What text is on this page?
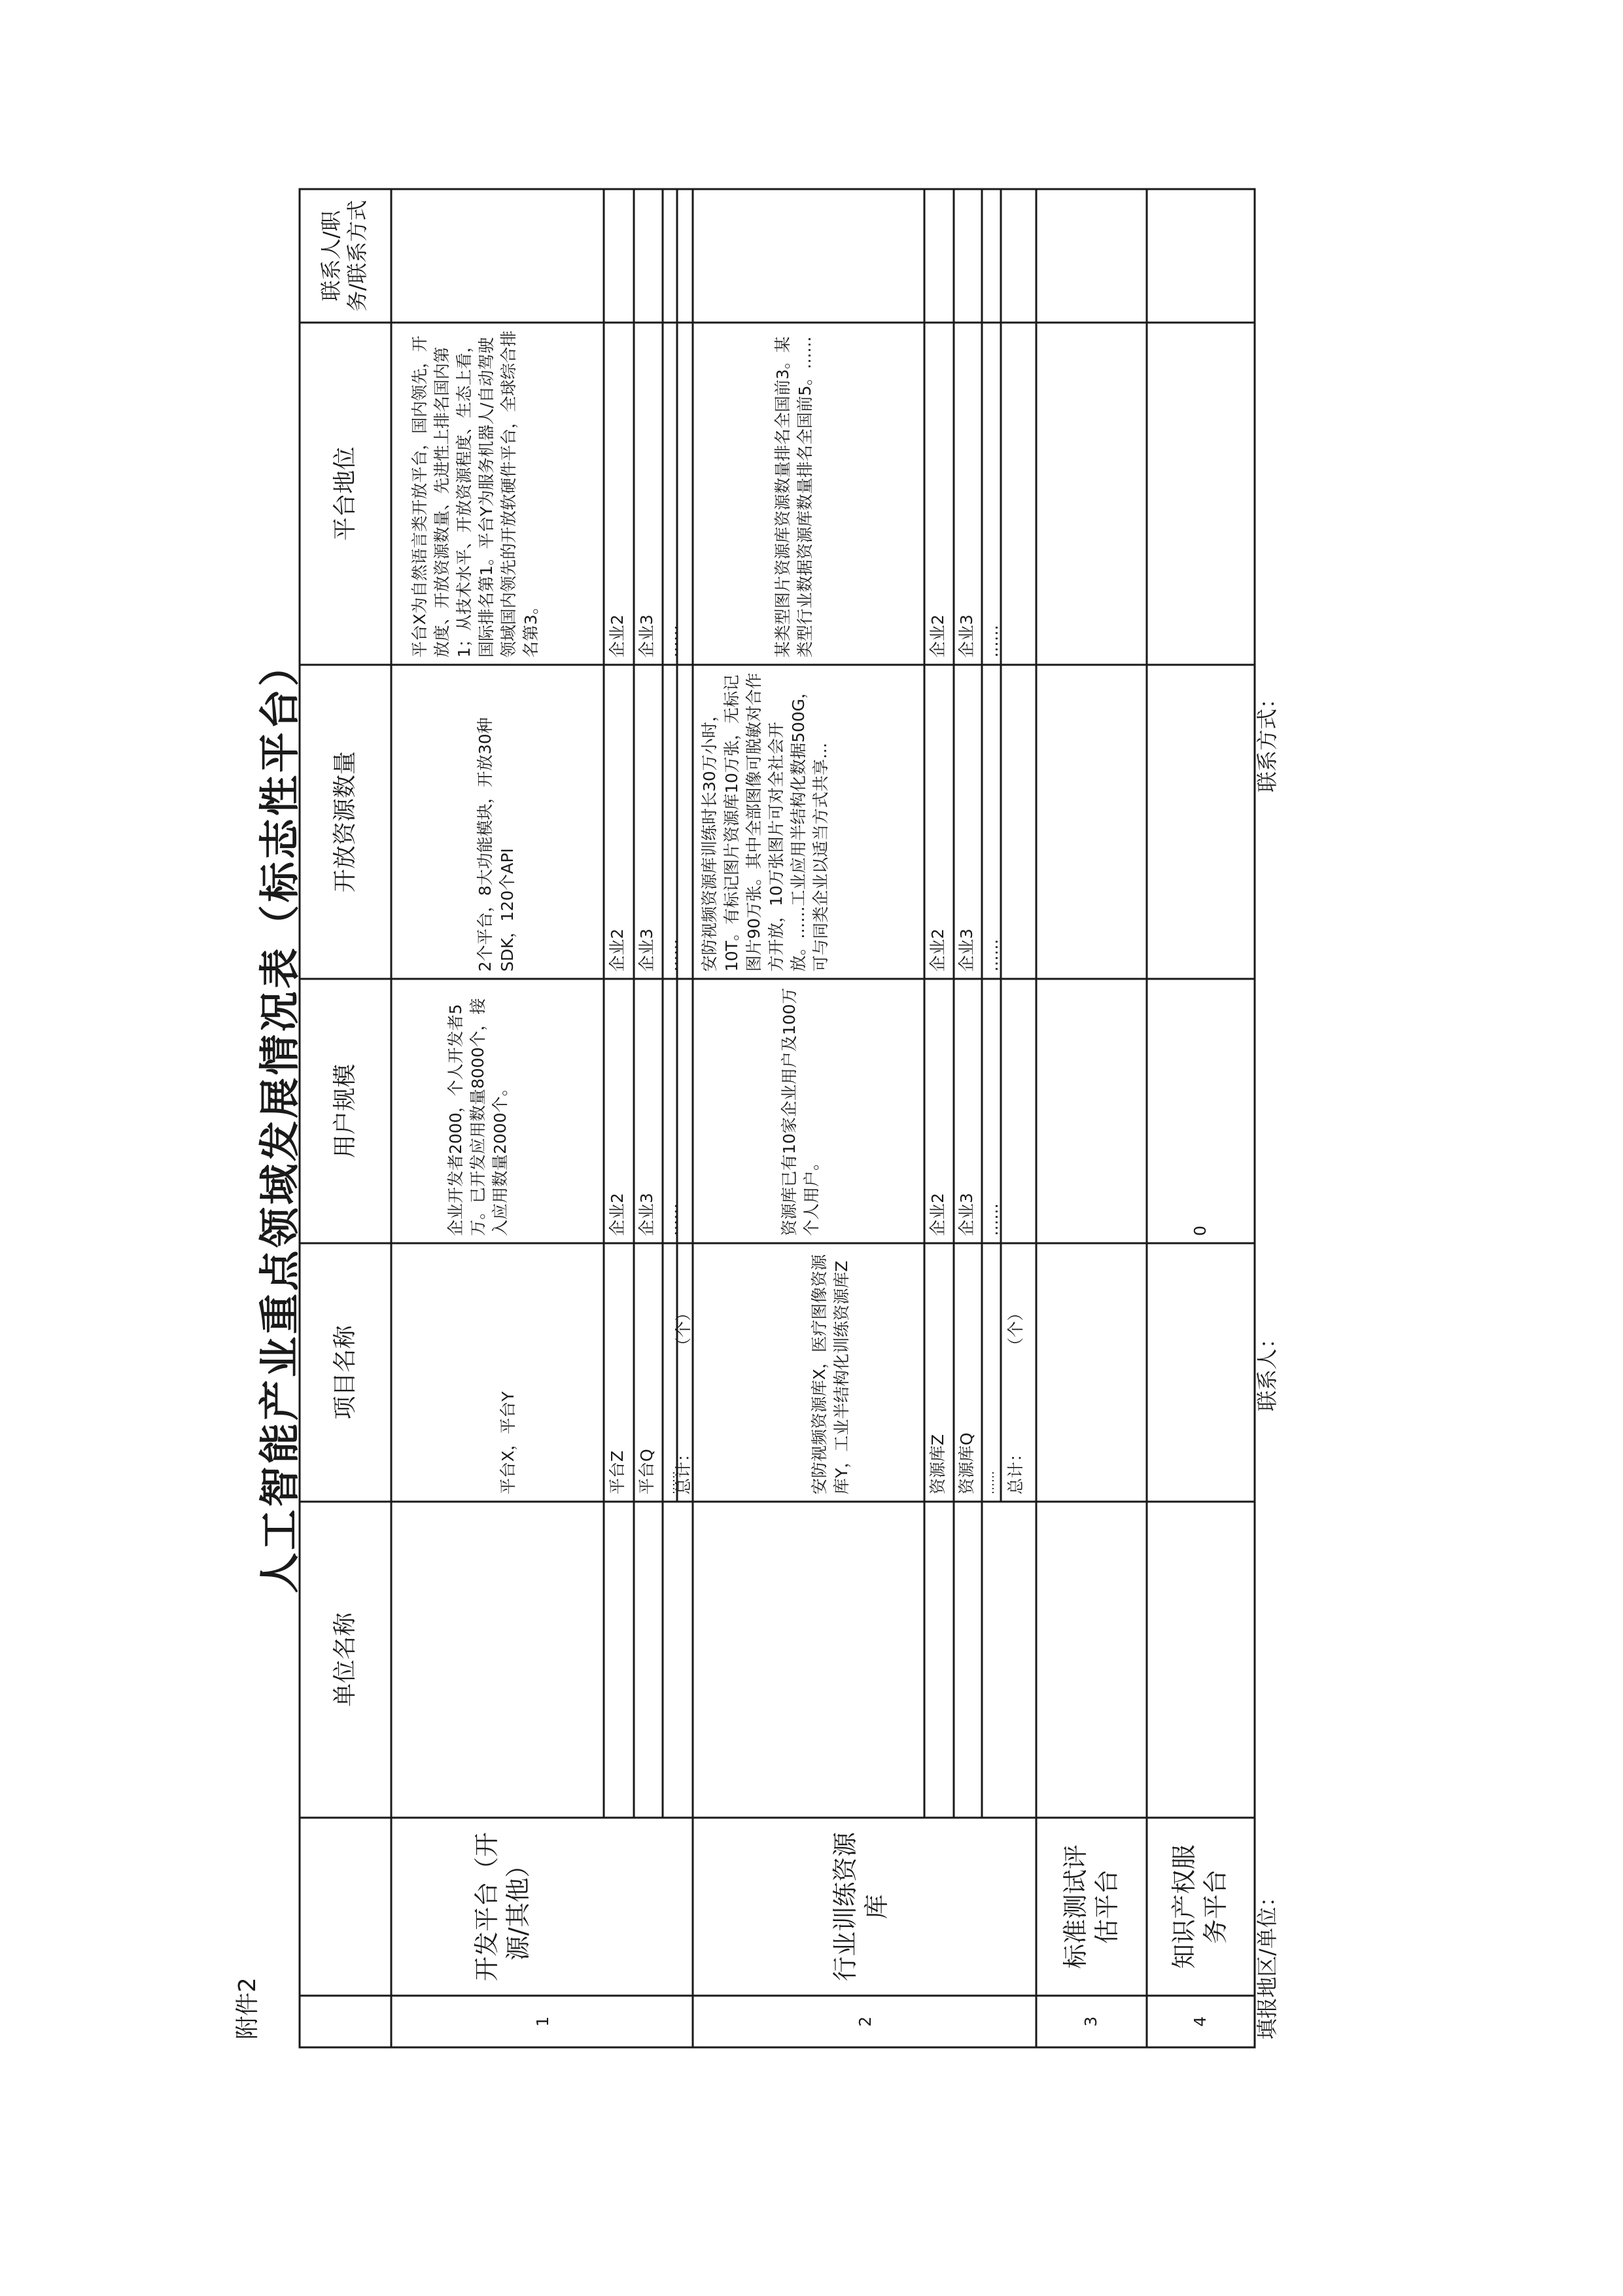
附件2
人工智能产业重点领域发展情况表（标志性平台）
单位名称
项目名称
用户规模
开放资源数量
平台地位
联系人/职务/联系方式
1
开发平台（开源/其他）
平台X，平台Y
企业开发者2000，个人开发者5万。已开发应用数量8000个，接入应用数量2000个。
2个平台，8大功能模块，开放30种SDK，120个API
平台X为自然语言类开放平台，国内领先，开放度、开放资源数量、先进性上排名国内第1；从技术水平、开放资源程度、生态上看，国际排名第1。平台Y为服务机器人/自动驾驶领域国内领先的开放软硬件平台，全球综合排名第3。
平台Z 平台Q ……
总计：
（个）
企业2
企业2
企业2
企业3
企业3
企业3
……
……
……
2
行业训练资源库
安防视频资源库X，医疗图像资源库Y，工业半结构化训练资源库Z
资源库已有10家企业用户及100万个人用户。
安防视频资源库训练时长30万小时，10T。有标记图片资源库10万张，无标记图片90万张。其中全部图像可脱敏对合作方开放，10万张图片可对全社会开放。……工业应用半结构化数据500G，可与同类企业以适当方式共享…
某类型图片资源库资源数量排名全国前3。某类型行业数据资源库数量排名全国前5。……
资源库Z 资源库Q …… 总计：
（个）
企业2
企业2
企业2
企业3
企业3
企业3
……
……
……
3
标准测试评估平台
4
知识产权服务平台
0
填报地区/单位：
联系人：
联系方式：
